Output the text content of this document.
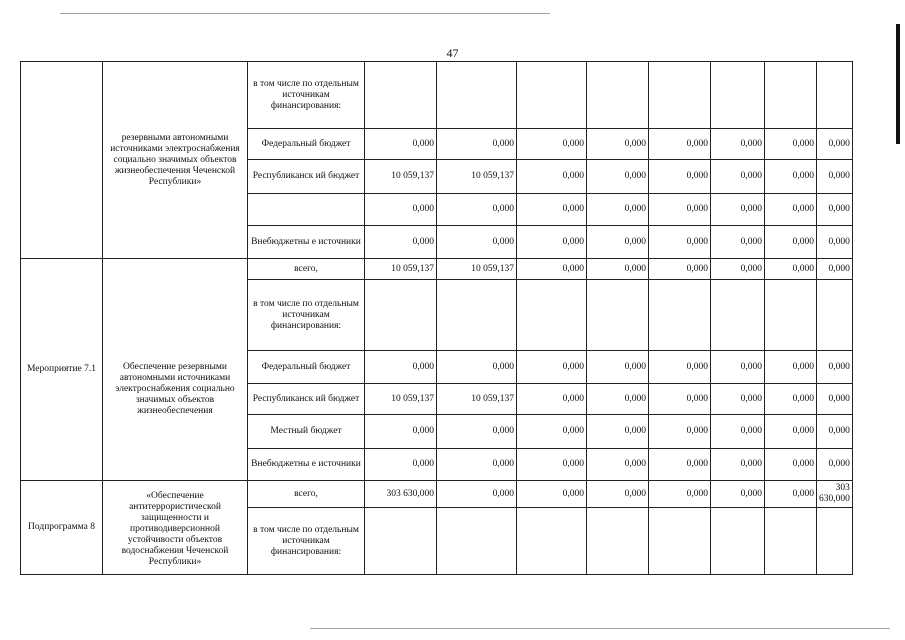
47
	резервными автономными источниками электроснабжения социально значимых объектов жизнеобеспечения Чеченской Республики»	в том числе по отдельным источникам финансирования:								
		Федеральный бюджет	0,000	0,000	0,000	0,000	0,000	0,000	0,000	0,000
		Республиканск ий бюджет	10 059,137	10 059,137	0,000	0,000	0,000	0,000	0,000	0,000
			0,000	0,000	0,000	0,000	0,000	0,000	0,000	0,000
		Внебюджетны е источники	0,000	0,000	0,000	0,000	0,000	0,000	0,000	0,000
Мероприятие 7.1	Обеспечение резервными автономными источниками электроснабжения социально значимых объектов жизнеобеспечения	всего,	10 059,137	10 059,137	0,000	0,000	0,000	0,000	0,000	0,000
		в том числе по отдельным источникам финансирования:								
		Федеральный бюджет	0,000	0,000	0,000	0,000	0,000	0,000	0,000	0,000
		Республиканск ий бюджет	10 059,137	10 059,137	0,000	0,000	0,000	0,000	0,000	0,000
		Местный бюджет	0,000	0,000	0,000	0,000	0,000	0,000	0,000	0,000
		Внебюджетны е источники	0,000	0,000	0,000	0,000	0,000	0,000	0,000	0,000
Подпрограмма 8	«Обеспечение антитеррористической защищенности и противодиверсионной устойчивости объектов водоснабжения Чеченской Республики»	всего,	303 630,000	0,000	0,000	0,000	0,000	0,000	0,000	303 630,000
		в том числе по отдельным источникам финансирования:								
